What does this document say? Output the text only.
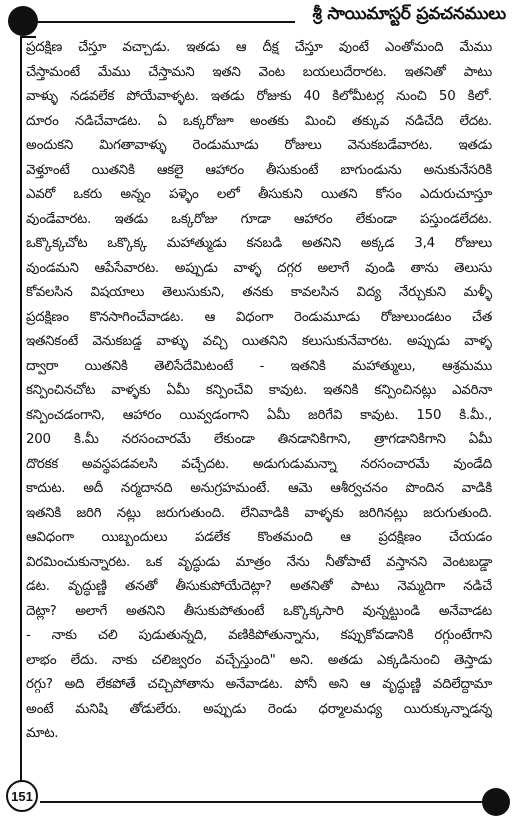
శ్రీ సాయిమాస్టర్ ప్రవచనములు
ప్రదక్షిణ చేస్తూ వచ్చాడు. ఇతడు ఆ దీక్ష చేస్తూ వుంటే ఎంతోమంది మేము
చేస్తామంటే మేము చేస్తామని ఇతని వెంట బయలుదేరారట. ఇతనితో పాటు
వాళ్ళు నడవలేక పోయేవాళ్ళట. ఇతడు రోజుకు 40 కిలోమీటర్ల నుంచి 50 కిలో.
దూరం నడిచేవాడట. ఏ ఒక్కరోజూ అంతకు మించి తక్కువ నడిచేది లేదట.
అందుకని మిగతావాళ్ళు రెండుమూడు రోజులు వెనుకబడేవారట. ఇతడు
వెళ్తూంటే యితనికి ఆకలై ఆహారం తీసుకుంటే బాగుండును అనుకునేసరికి
ఎవరో ఒకరు అన్నం పళ్ళెం లలో తీసుకుని యితని కోసం ఎదురుచూస్తూ
వుండేవారట. ఇతడు ఒక్కరోజు గూడా ఆహారం లేకుండా పస్తుండలేదట.
ఒక్కొక్కచోట ఒక్కొక్క మహాత్ముడు కనబడి అతనిని అక్కడ 3,4 రోజులు
వుండమని ఆపేసేవారట. అప్పుడు వాళ్ళ దగ్గర అలాగే వుండి తాను తెలుసు
కోవలసిన విషయాలు తెలుసుకుని, తనకు కావలసిన విద్య నేర్చుకుని మళ్ళీ
ప్రదక్షిణం కొనసాగించేవాడట. ఆ విధంగా రెండుమూడు రోజులుండటం చేత
ఇతనికంటే వెనుకబడ్డ వాళ్ళు వచ్చి యితనిని కలుసుకునేవారట. అప్పుడు వాళ్ళ
ద్వారా యితనికి తెలిసేదేమిటంటే - ఇతనికి మహాత్ములు, ఆశ్రమము
కన్పించినచోట వాళ్ళకు ఏమీ కన్పించేవి కావుట. ఇతనికి కన్పించినట్లు ఎవరినా
కన్పించడంగాని, ఆహారం యివ్వడంగాని ఏమీ జరిగేవి కావుట. 150 కి.మీ.,
200 కి.మీ నరసంచారమే లేకుండా తినడానికిగాని, త్రాగడానికిగాని ఏమీ
దొరకక అవస్థపడవలసి వచ్చేదట. అడుగుడుమన్నా నరసంచారమే వుండేది
కాదుట. అదీ నర్మదానది అనుగ్రహమంటే. ఆమె ఆశీర్వచనం పొందిన వాడికి
ఇతనికి జరిగి నట్లు జరుగుతుంది. లేనివాడికి వాళ్ళకు జరిగినట్లు జరుగుతుంది.
ఆవిధంగా యిబ్బందులు పడలేక కొంతమంది ఆ ప్రదక్షిణం చేయడం
విరమించుకున్నారట. ఒక వృద్ధుడు మాత్రం నేను నీతోపాటే వస్తానని వెంటబడ్డా
డట. వృద్ధుణ్ణి తనతో తీసుకుపోయేదెట్లా? అతనితో పాటు నెమ్మదిగా నడిచే
దెట్లా? అలాగే అతనిని తీసుకుపోతుంటే ఒక్కొక్కసారి వున్నట్టుండి అనేవాడట
- నాకు చలి పుడుతున్నది, వణికిపోతున్నాను, కప్పుకోవడానికి రగ్గుంటేగాని
లాభం లేదు. నాకు చలిజ్వరం వచ్చేస్తుంది" అని. అతడు ఎక్కడినుంచి తెస్తాడు
రగ్గు? అది లేకపోతే చచ్చిపోతాను అనేవాడట. పోనీ అని ఆ వృద్ధుణ్ణి వదిలేద్దామా
అంటే మనిషి తోడులేరు. అప్పుడు రెండు ధర్మాలమధ్య యిరుక్కున్నాడన్న
మాట.
151
